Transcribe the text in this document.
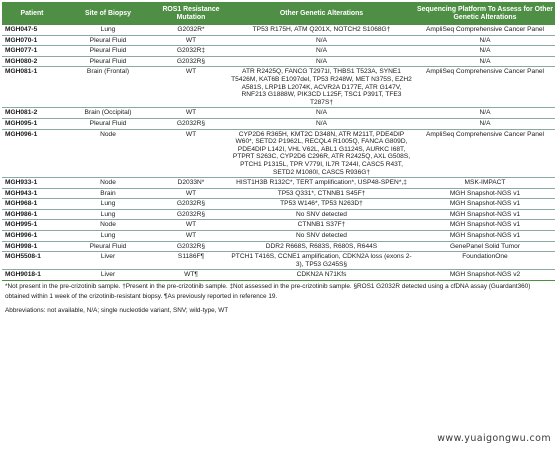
Patient	Site of Biopsy	ROS1 Resistance Mutation	Other Genetic Alterations	Sequencing Platform To Assess for Other Genetic Alterations
MGH047-5	Lung	G2032R*	TP53 R175H, ATM Q201X, NOTCH2 S1068G†	AmpliSeq Comprehensive Cancer Panel
MGH070-1	Pleural Fluid	WT	N/A	N/A
MGH077-1	Pleural Fluid	G2032R‡	N/A	N/A
MGH080-2	Pleural Fluid	G2032R§	N/A	N/A
MGH081-1	Brain (Frontal)	WT	ATR R2425Q, FANCG T2971I, THBS1 T523A, SYNE1 T5426M, KAT6B E1097del, TP53 R248W, MET N375S, EZH2 A581S, LRP1B L2074K, ACVR2A D177E, ATR G147V, RNF213 G1888W, PIK3CD L125F, TSC1 P391T, TFE3 T287S†	AmpliSeq Comprehensive Cancer Panel
MGH081-2	Brain (Occipital)	WT	N/A	N/A
MGH095-1	Pleural Fluid	G2032R§	N/A	N/A
MGH096-1	Node	WT	CYP2D6 R365H, KMT2C D348N, ATR M211T, PDE4DIP W60*, SETD2 P1962L, RECQL4 R1005Q, FANCA G809D, PDE4DIP L142I, VHL V62L, ABL1 G1124S, AURKC I68T, PTPRT S263C, CYP2D6 C296R, ATR R2425Q, AXL G508S, PTCH1 P1315L, TPR V779I, IL7R T244I, CASC5 R43T, SETD2 M1080I, CASC5 R936G†	AmpliSeq Comprehensive Cancer Panel
MGH933-1	Node	D2033N*	HIST1H3B R132C*, TERT amplification*, USP48-SPEN*,‡	MSK-IMPACT
MGH943-1	Brain	WT	TP53 Q331*, CTNNB1 S45F†	MGH Snapshot-NGS v1
MGH968-1	Lung	G2032R§	TP53 W146*, TP53 N263D†	MGH Snapshot-NGS v1
MGH986-1	Lung	G2032R§	No SNV detected	MGH Snapshot-NGS v1
MGH995-1	Node	WT	CTNNB1 S37F†	MGH Snapshot-NGS v1
MGH996-1	Lung	WT	No SNV detected	MGH Snapshot-NGS v1
MGH998-1	Pleural Fluid	G2032R§	DDR2 R668S, R683S, R680S, R644S	GenePanel Solid Tumor
MGH5508-1	Liver	S1186F¶	PTCH1 T416S, CCNE1 amplification, CDKN2A loss (exons 2-3), TP53 G245S§	FoundationOne
MGH9018-1	Liver	WT¶	CDKN2A N71Kfs	MGH Snapshot-NGS v2

*Not present in the pre-crizotinib sample. †Present in the pre-crizotinib sample. ‡Not assessed in the pre-crizotinib sample. §ROS1 G2032R detected using a cfDNA assay (Guardant360) obtained within 1 week of the crizotinib-resistant biopsy. ¶As previously reported in reference 19.

Abbreviations: not available, N/A; single nucleotide variant, SNV; wild-type, WT
www.yuaigongwu.com
